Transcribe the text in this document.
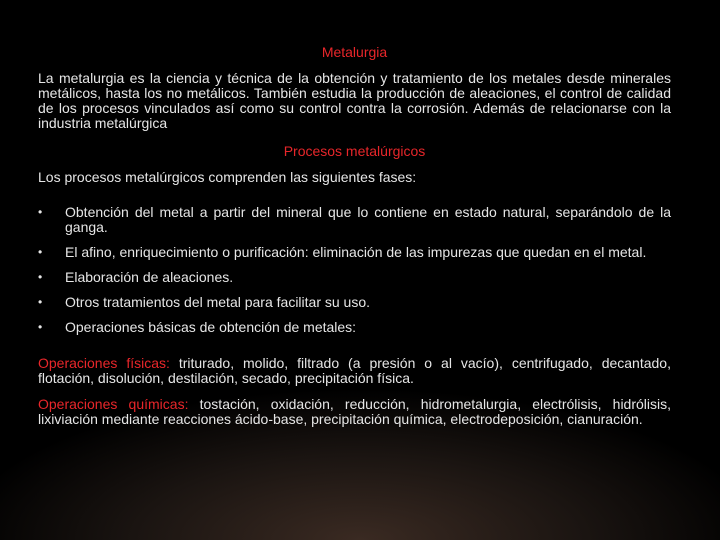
Metalurgia

La metalurgia es la ciencia y técnica de la obtención y tratamiento de los metales desde minerales metálicos, hasta los no metálicos. También estudia la producción de aleaciones, el control de calidad de los procesos vinculados así como su control contra la corrosión. Además de relacionarse con la industria metalúrgica

Procesos metalúrgicos

Los procesos metalúrgicos comprenden las siguientes fases:

• Obtención del metal a partir del mineral que lo contiene en estado natural, separándolo de la ganga.
• El afino, enriquecimiento o purificación: eliminación de las impurezas que quedan en el metal.
• Elaboración de aleaciones.
• Otros tratamientos del metal para facilitar su uso.
• Operaciones básicas de obtención de metales:

Operaciones físicas: triturado, molido, filtrado (a presión o al vacío), centrifugado, decantado, flotación, disolución, destilación, secado, precipitación física.

Operaciones químicas: tostación, oxidación, reducción, hidrometalurgia, electrólisis, hidrólisis, lixiviación mediante reacciones ácido-base, precipitación química, electrodeposición, cianuración.
